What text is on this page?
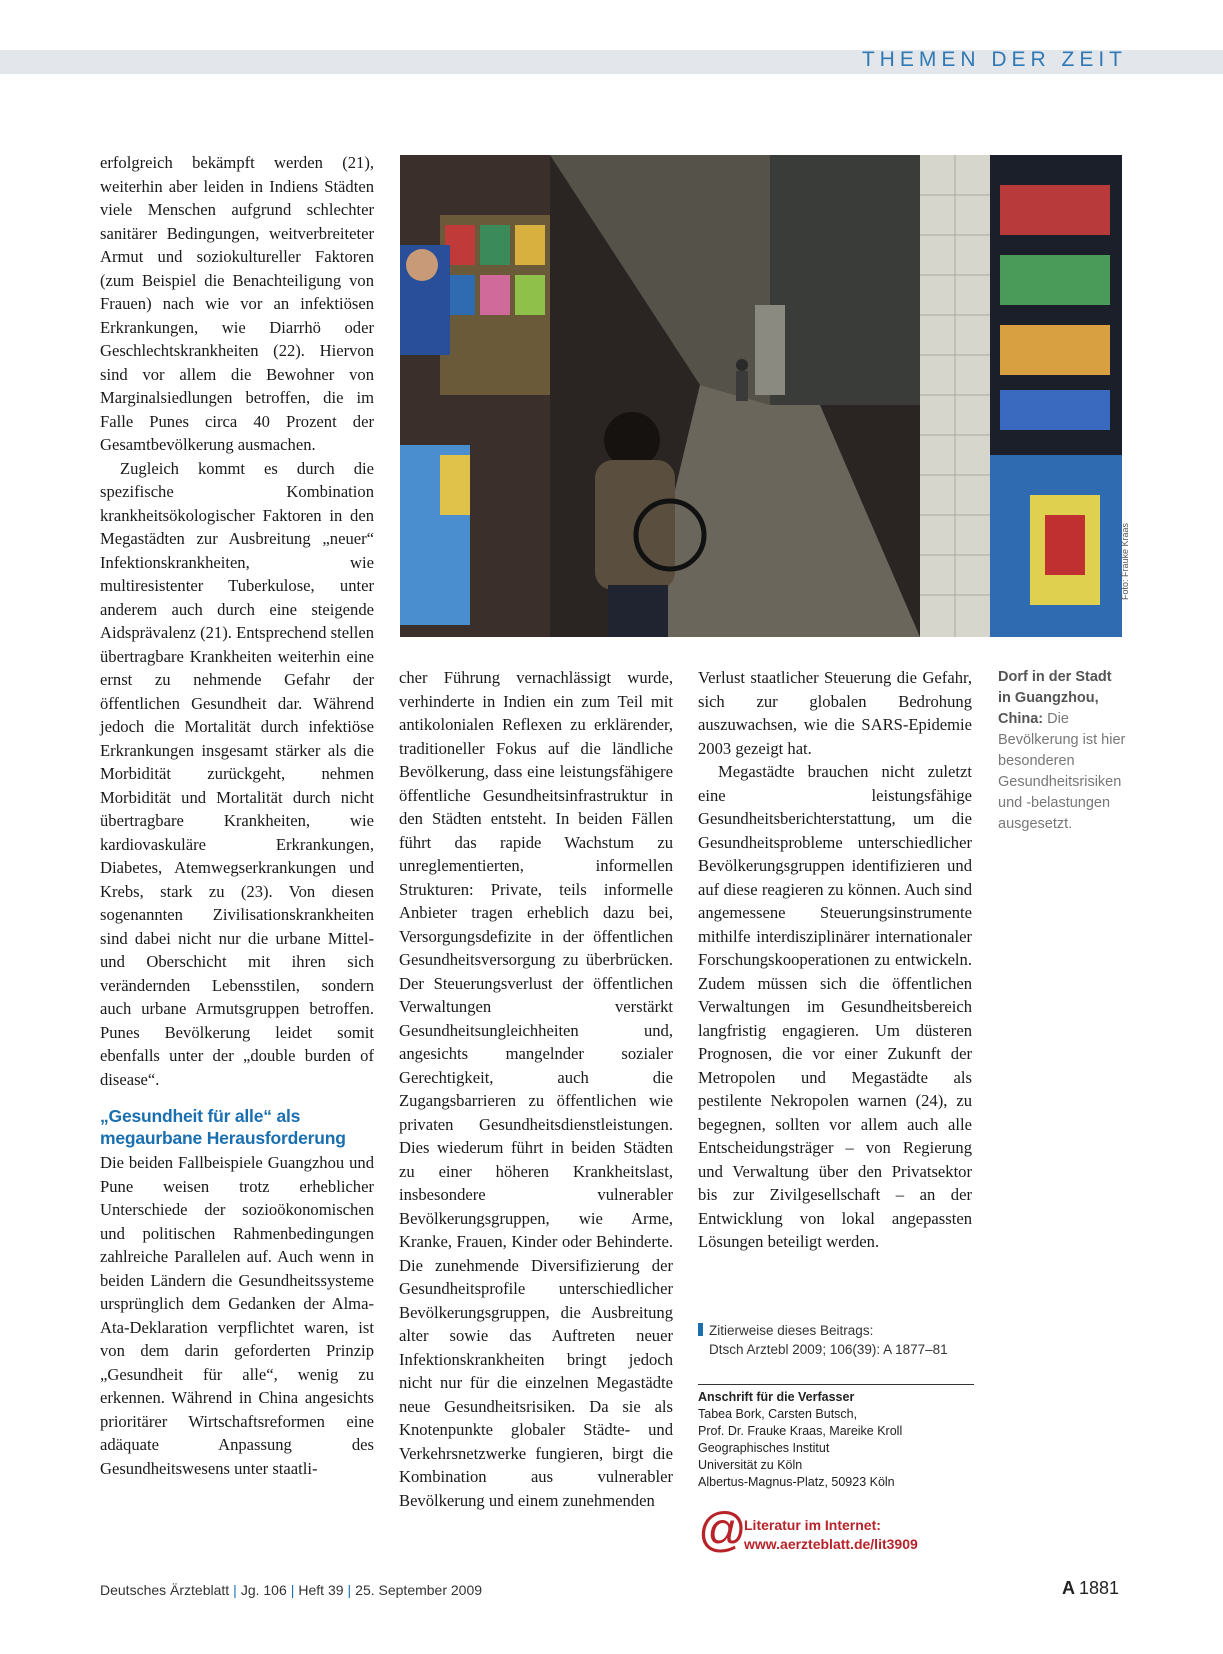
THEMEN DER ZEIT

erfolgreich bekämpft werden (21), weiterhin aber leiden in Indiens Städten viele Menschen aufgrund schlechter sanitärer Bedingungen, weitverbreiteter Armut und soziokultureller Faktoren (zum Beispiel die Benachteiligung von Frauen) nach wie vor an infektiösen Erkrankungen, wie Diarrhö oder Geschlechtskrankheiten (22). Hiervon sind vor allem die Bewohner von Marginalsiedlungen betroffen, die im Falle Punes circa 40 Prozent der Gesamtbevölkerung ausmachen.

Zugleich kommt es durch die spezifische Kombination krankheitsökologischer Faktoren in den Megastädten zur Ausbreitung „neuer“ Infektionskrankheiten, wie multiresistenter Tuberkulose, unter anderem auch durch eine steigende Aidsprävalenz (21). Entsprechend stellen übertragbare Krankheiten weiterhin eine ernst zu nehmende Gefahr der öffentlichen Gesundheit dar. Während jedoch die Mortalität durch infektiöse Erkrankungen insgesamt stärker als die Morbidität zurückgeht, nehmen Morbidität und Mortalität durch nicht übertragbare Krankheiten, wie kardiovaskuläre Erkrankungen, Diabetes, Atemwegserkrankungen und Krebs, stark zu (23). Von diesen sogenannten Zivilisationskrankheiten sind dabei nicht nur die urbane Mittel- und Oberschicht mit ihren sich verändernden Lebensstilen, sondern auch urbane Armutsgruppen betroffen. Punes Bevölkerung leidet somit ebenfalls unter der „double burden of disease“.

„Gesundheit für alle“ als megaurbane Herausforderung

Die beiden Fallbeispiele Guangzhou und Pune weisen trotz erheblicher Unterschiede der sozioökonomischen und politischen Rahmenbedingungen zahlreiche Parallelen auf. Auch wenn in beiden Ländern die Gesundheitssysteme ursprünglich dem Gedanken der Alma-Ata-Deklaration verpflichtet waren, ist von dem darin geforderten Prinzip „Gesundheit für alle“, wenig zu erkennen. Während in China angesichts prioritärer Wirtschaftsreformen eine adäquate Anpassung des Gesundheitswesens unter staatli-

Foto: Frauke Kraas

cher Führung vernachlässigt wurde, verhinderte in Indien ein zum Teil mit antikolonialen Reflexen zu erklärender, traditioneller Fokus auf die ländliche Bevölkerung, dass eine leistungsfähigere öffentliche Gesundheitsinfrastruktur in den Städten entsteht. In beiden Fällen führt das rapide Wachstum zu unreglementierten, informellen Strukturen: Private, teils informelle Anbieter tragen erheblich dazu bei, Versorgungsdefizite in der öffentlichen Gesundheitsversorgung zu überbrücken. Der Steuerungsverlust der öffentlichen Verwaltungen verstärkt Gesundheitsungleichheiten und, angesichts mangelnder sozialer Gerechtigkeit, auch die Zugangsbarrieren zu öffentlichen wie privaten Gesundheitsdienstleistungen. Dies wiederum führt in beiden Städten zu einer höheren Krankheitslast, insbesondere vulnerabler Bevölkerungsgruppen, wie Arme, Kranke, Frauen, Kinder oder Behinderte. Die zunehmende Diversifizierung der Gesundheitsprofile unterschiedlicher Bevölkerungsgruppen, die Ausbreitung alter sowie das Auftreten neuer Infektionskrankheiten bringt jedoch nicht nur für die einzelnen Megastädte neue Gesundheitsrisiken. Da sie als Knotenpunkte globaler Städte- und Verkehrsnetzwerke fungieren, birgt die Kombination aus vulnerabler Bevölkerung und einem zunehmenden

Verlust staatlicher Steuerung die Gefahr, sich zur globalen Bedrohung auszuwachsen, wie die SARS-Epidemie 2003 gezeigt hat.

Megastädte brauchen nicht zuletzt eine leistungsfähige Gesundheitsberichterstattung, um die Gesundheitsprobleme unterschiedlicher Bevölkerungsgruppen identifizieren und auf diese reagieren zu können. Auch sind angemessene Steuerungsinstrumente mithilfe interdisziplinärer internationaler Forschungskooperationen zu entwickeln. Zudem müssen sich die öffentlichen Verwaltungen im Gesundheitsbereich langfristig engagieren. Um düsteren Prognosen, die vor einer Zukunft der Metropolen und Megastädte als pestilente Nekropolen warnen (24), zu begegnen, sollten vor allem auch alle Entscheidungsträger – von Regierung und Verwaltung über den Privatsektor bis zur Zivilgesellschaft – an der Entwicklung von lokal angepassten Lösungen beteiligt werden.

Dorf in der Stadt in Guangzhou, China: Die Bevölkerung ist hier besonderen Gesundheitsrisiken und -belastungen ausgesetzt.
Zitierweise dieses Beitrags:
Dtsch Arztebl 2009; 106(39): A 1877–81
Anschrift für die Verfasser
Tabea Bork, Carsten Butsch,
Prof. Dr. Frauke Kraas, Mareike Kroll
Geographisches Institut
Universität zu Köln
Albertus-Magnus-Platz, 50923 Köln
@
Literatur im Internet:
www.aerzteblatt.de/lit3909
Deutsches Ärzteblatt | Jg. 106 | Heft 39 | 25. September 2009	A 1881
